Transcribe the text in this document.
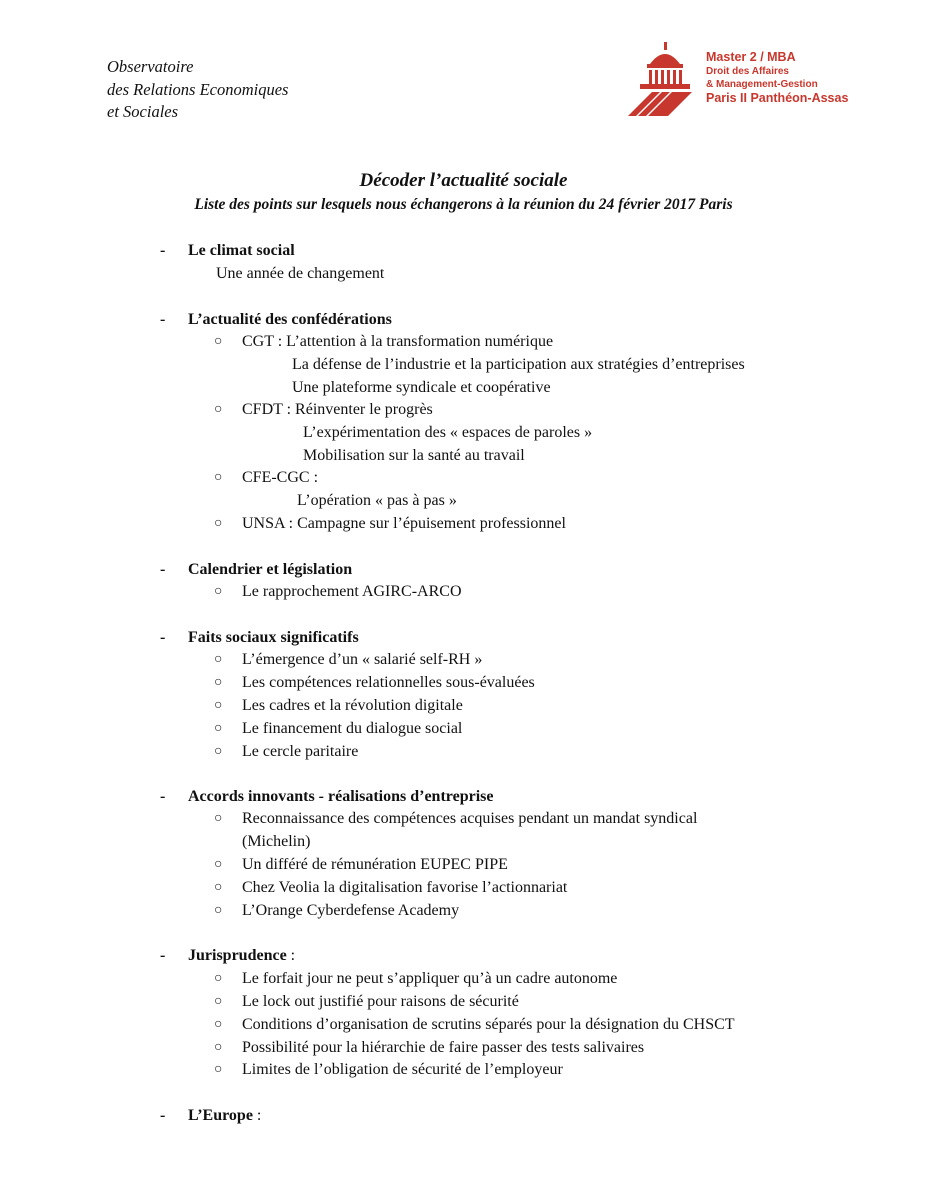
Observatoire
des Relations Economiques
et Sociales
Master 2 / MBA
Droit des Affaires
& Management-Gestion
Paris II Panthéon-Assas
Décoder l’actualité sociale
Liste des points sur lesquels nous échangerons à la réunion du 24 février 2017 Paris
- Le climat social
Une année de changement
- L’actualité des confédérations
○ CGT : L’attention à la transformation numérique
La défense de l’industrie et la participation aux stratégies d’entreprises
Une plateforme syndicale et coopérative
○ CFDT : Réinventer le progrès
L’expérimentation des « espaces de paroles »
Mobilisation sur la santé au travail
○ CFE-CGC :
L’opération « pas à pas »
○ UNSA : Campagne sur l’épuisement professionnel
- Calendrier et législation
○ Le rapprochement AGIRC-ARCO
- Faits sociaux significatifs
○ L’émergence d’un « salarié self-RH »
○ Les compétences relationnelles sous-évaluées
○ Les cadres et la révolution digitale
○ Le financement du dialogue social
○ Le cercle paritaire
- Accords innovants - réalisations d’entreprise
○ Reconnaissance des compétences acquises pendant un mandat syndical
(Michelin)
○ Un différé de rémunération EUPEC PIPE
○ Chez Veolia la digitalisation favorise l’actionnariat
○ L’Orange Cyberdefense Academy
- Jurisprudence :
○ Le forfait jour ne peut s’appliquer qu’à un cadre autonome
○ Le lock out justifié pour raisons de sécurité
○ Conditions d’organisation de scrutins séparés pour la désignation du CHSCT
○ Possibilité pour la hiérarchie de faire passer des tests salivaires
○ Limites de l’obligation de sécurité de l’employeur
- L’Europe :
